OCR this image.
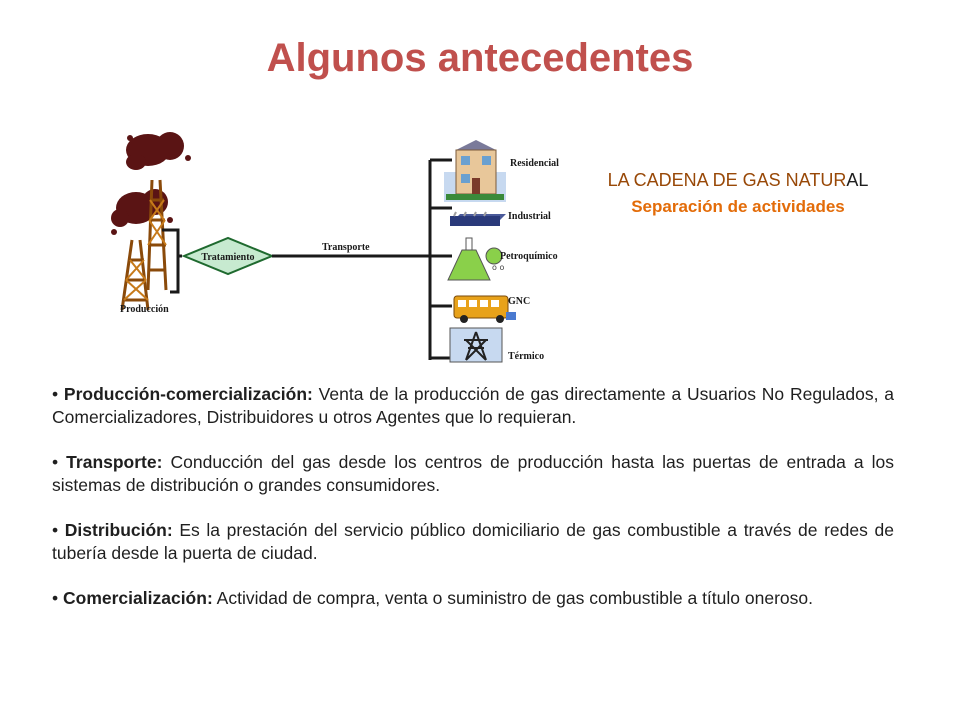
Algunos antecedentes
Producción
Tratamiento
Transporte
Residencial
Industrial
o o
Petroquímico
GNC
Térmico
LA CADENA DE GAS NATURAL
Separación de actividades
• Producción-comercialización: Venta de la producción de gas directamente a Usuarios No Regulados, a Comercializadores, Distribuidores u otros Agentes que lo requieran.
• Transporte: Conducción del gas desde los centros de producción hasta las puertas de entrada a los sistemas de distribución o grandes consumidores.
• Distribución: Es la prestación del servicio público domiciliario de gas combustible a través de redes de tubería desde la puerta de ciudad.
• Comercialización: Actividad de compra, venta o suministro de gas combustible a título oneroso.
